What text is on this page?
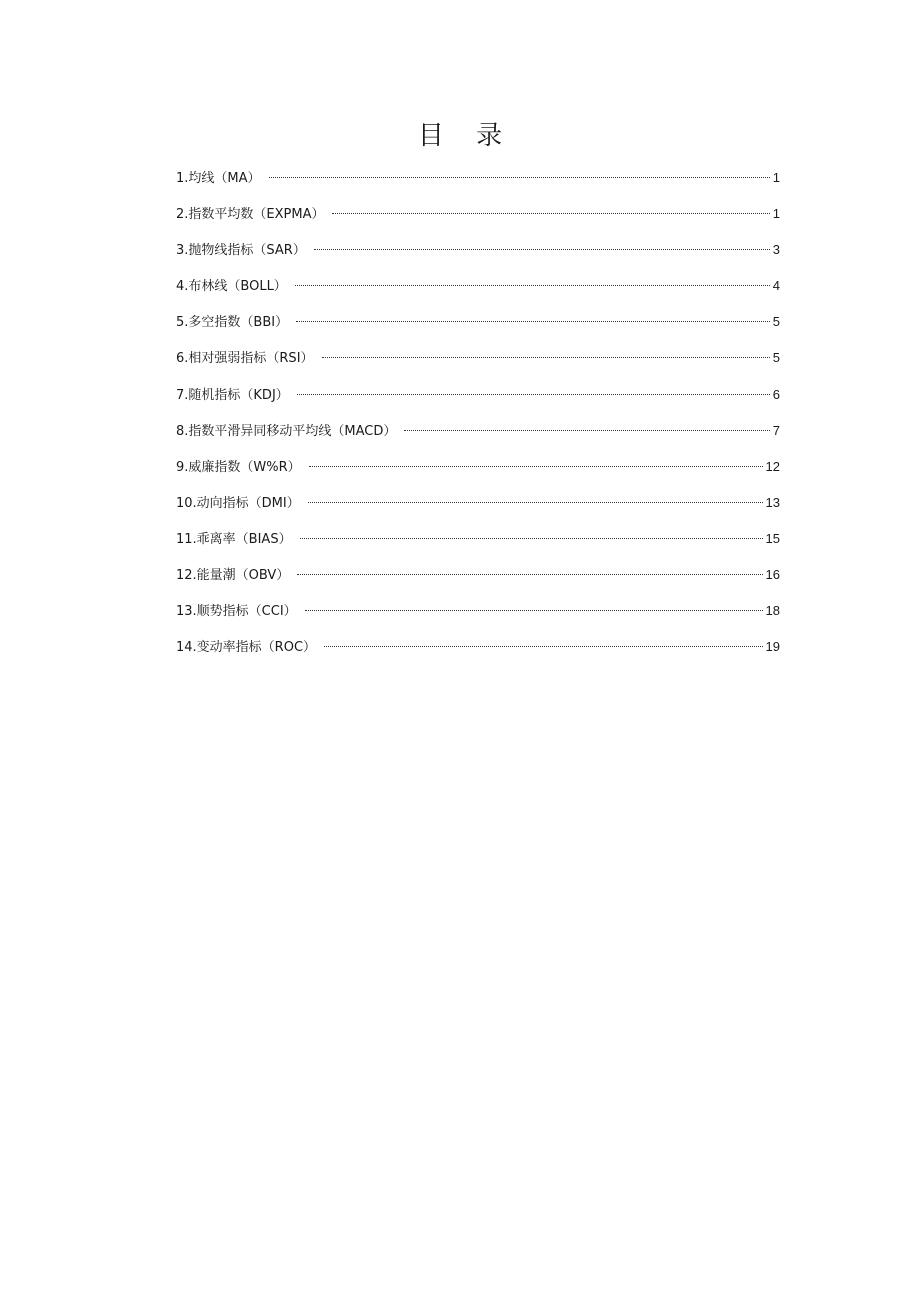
目 录
1.均线（MA）	1
2.指数平均数（EXPMA）	1
3.抛物线指标（SAR）	3
4.布林线（BOLL）	4
5.多空指数（BBI）	5
6.相对强弱指标（RSI）	5
7.随机指标（KDJ）	6
8.指数平滑异同移动平均线（MACD）	7
9.威廉指数（W%R）	12
10.动向指标（DMI）	13
11.乖离率（BIAS）	15
12.能量潮（OBV）	16
13.顺势指标（CCI）	18
14.变动率指标（ROC）	19
